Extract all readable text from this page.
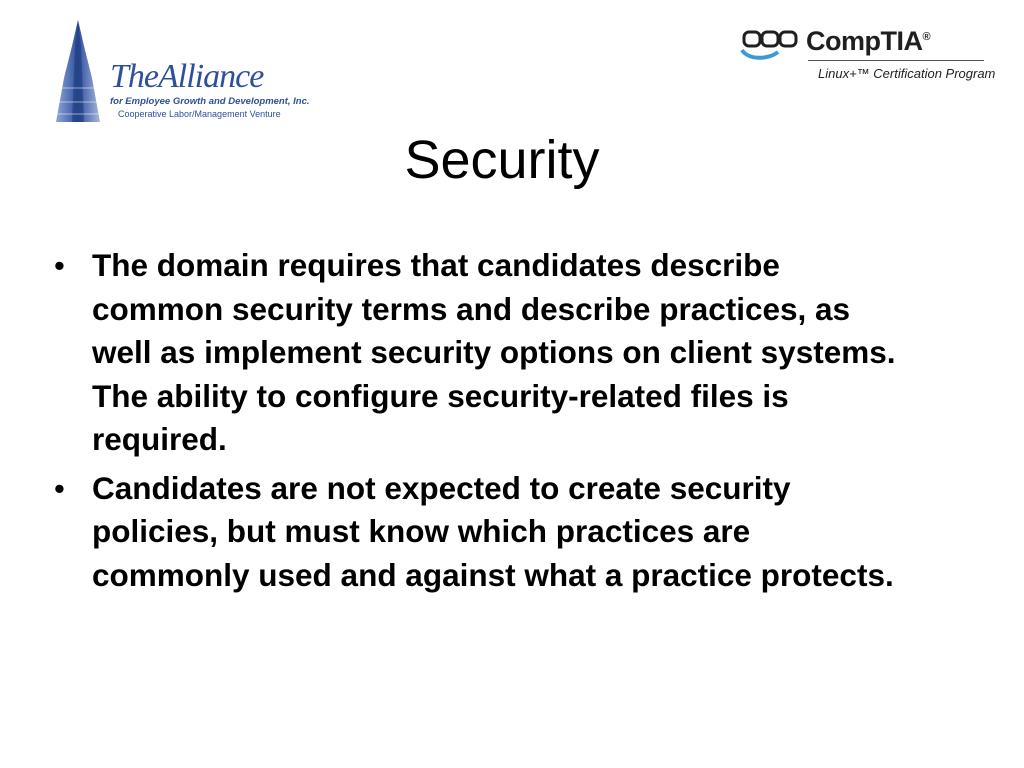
TheAlliance
for Employee Growth and Development, Inc.
Cooperative Labor/Management Venture
CompTIA®
Linux+™ Certification Program
Security
• The domain requires that candidates describe common security terms and describe practices, as well as implement security options on client systems. The ability to configure security-related files is required.
• Candidates are not expected to create security policies, but must know which practices are commonly used and against what a practice protects.
